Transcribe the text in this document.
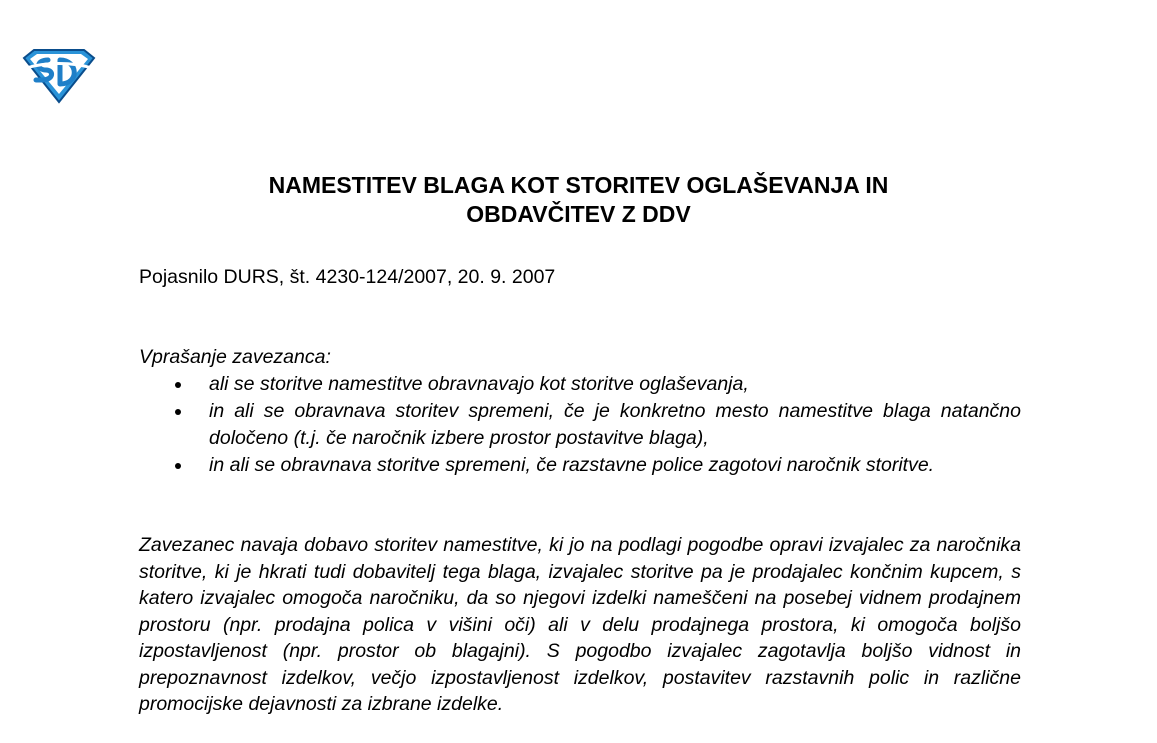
NAMESTITEV BLAGA KOT STORITEV OGLAŠEVANJA IN
OBDAVČITEV Z DDV
Pojasnilo DURS, št. 4230-124/2007, 20. 9. 2007
Vprašanje zavezanca:
ali se storitve namestitve obravnavajo kot storitve oglaševanja,
in ali se obravnava storitev spremeni, če je konkretno mesto namestitve blaga natančno določeno (t.j. če naročnik izbere prostor postavitve blaga),
in ali se obravnava storitve spremeni, če razstavne police zagotovi naročnik storitve.

Zavezanec navaja dobavo storitev namestitve, ki jo na podlagi pogodbe opravi izvajalec za naročnika storitve, ki je hkrati tudi dobavitelj tega blaga, izvajalec storitve pa je prodajalec končnim kupcem, s katero izvajalec omogoča naročniku, da so njegovi izdelki nameščeni na posebej vidnem prodajnem prostoru (npr. prodajna polica v višini oči) ali v delu prodajnega prostora, ki omogoča boljšo izpostavljenost (npr. prostor ob blagajni). S pogodbo izvajalec zagotavlja boljšo vidnost in prepoznavnost izdelkov, večjo izpostavljenost izdelkov, postavitev razstavnih polic in različne promocijske dejavnosti za izbrane izdelke.
